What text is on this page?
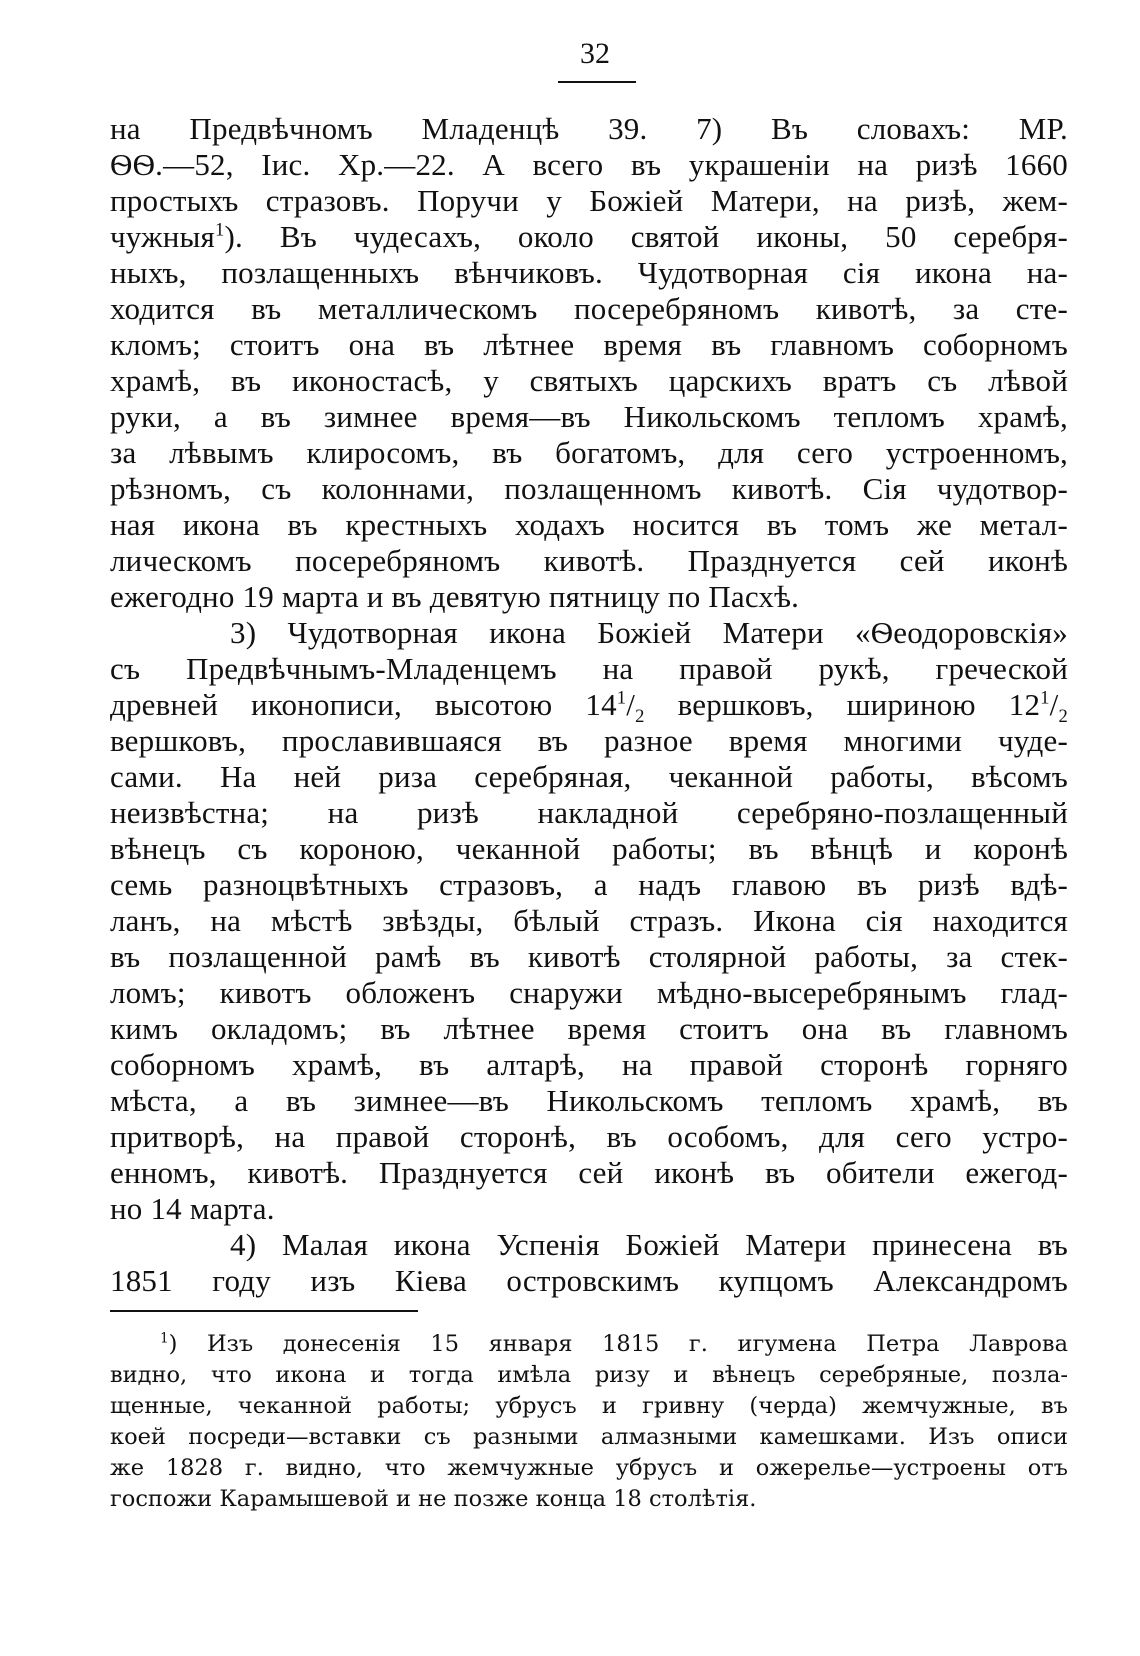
32
на Предвѣчномъ Младенцѣ 39. 7) Въ словахъ: МР.
ѲѲ.—52, Іис. Хр.—22. А всего въ украшеніи на ризѣ 1660
простыхъ стразовъ. Поручи у Божіей Матери, на ризѣ, жем-
чужныя$^1$). Въ чудесахъ, около святой иконы, 50 серебря-
ныхъ, позлащенныхъ вѣнчиковъ. Чудотворная сія икона на-
ходится въ металлическомъ посеребряномъ кивотѣ, за сте-
кломъ; стоитъ она въ лѣтнее время въ главномъ соборномъ
храмѣ, въ иконостасѣ, у святыхъ царскихъ вратъ съ лѣвой
руки, а въ зимнее время—въ Никольскомъ тепломъ храмѣ,
за лѣвымъ клиросомъ, въ богатомъ, для сего устроенномъ,
рѣзномъ, съ колоннами, позлащенномъ кивотѣ. Сія чудотвор-
ная икона въ крестныхъ ходахъ носится въ томъ же метал-
лическомъ посеребряномъ кивотѣ. Празднуется сей иконѣ
ежегодно 19 марта и въ девятую пятницу по Пасхѣ.
3) Чудотворная икона Божіей Матери «Ѳеодоровскія»
съ Предвѣчнымъ-Младенцемъ на правой рукѣ, греческой
древней иконописи, высотою $14^1/_2$ вершковъ, шириною $12^1/_2$
вершковъ, прославившаяся въ разное время многими чуде-
сами. На ней риза серебряная, чеканной работы, вѣсомъ
неизвѣстна; на ризѣ накладной серебряно-позлащенный
вѣнецъ съ короною, чеканной работы; въ вѣнцѣ и коронѣ
семь разноцвѣтныхъ стразовъ, а надъ главою въ ризѣ вдѣ-
ланъ, на мѣстѣ звѣзды, бѣлый стразъ. Икона сія находится
въ позлащенной рамѣ въ кивотѣ столярной работы, за стек-
ломъ; кивотъ обложенъ снаружи мѣдно-высеребрянымъ глад-
кимъ окладомъ; въ лѣтнее время стоитъ она въ главномъ
соборномъ храмѣ, въ алтарѣ, на правой сторонѣ горняго
мѣста, а въ зимнее—въ Никольскомъ тепломъ храмѣ, въ
притворѣ, на правой сторонѣ, въ особомъ, для сего устро-
енномъ, кивотѣ. Празднуется сей иконѣ въ обители ежегод-
но 14 марта.
4) Малая икона Успенія Божіей Матери принесена въ
1851 году изъ Кіева островскимъ купцомъ Александромъ
$^1$) Изъ донесенія 15 января 1815 г. игумена Петра Лаврова
видно, что икона и тогда имѣла ризу и вѣнецъ серебряные, позла-
щенные, чеканной работы; убрусъ и гривну (черда) жемчужные, въ
коей посреди—вставки съ разными алмазными камешками. Изъ описи
же 1828 г. видно, что жемчужные убрусъ и ожерелье—устроены отъ
госпожи Карамышевой и не позже конца 18 столѣтія.
